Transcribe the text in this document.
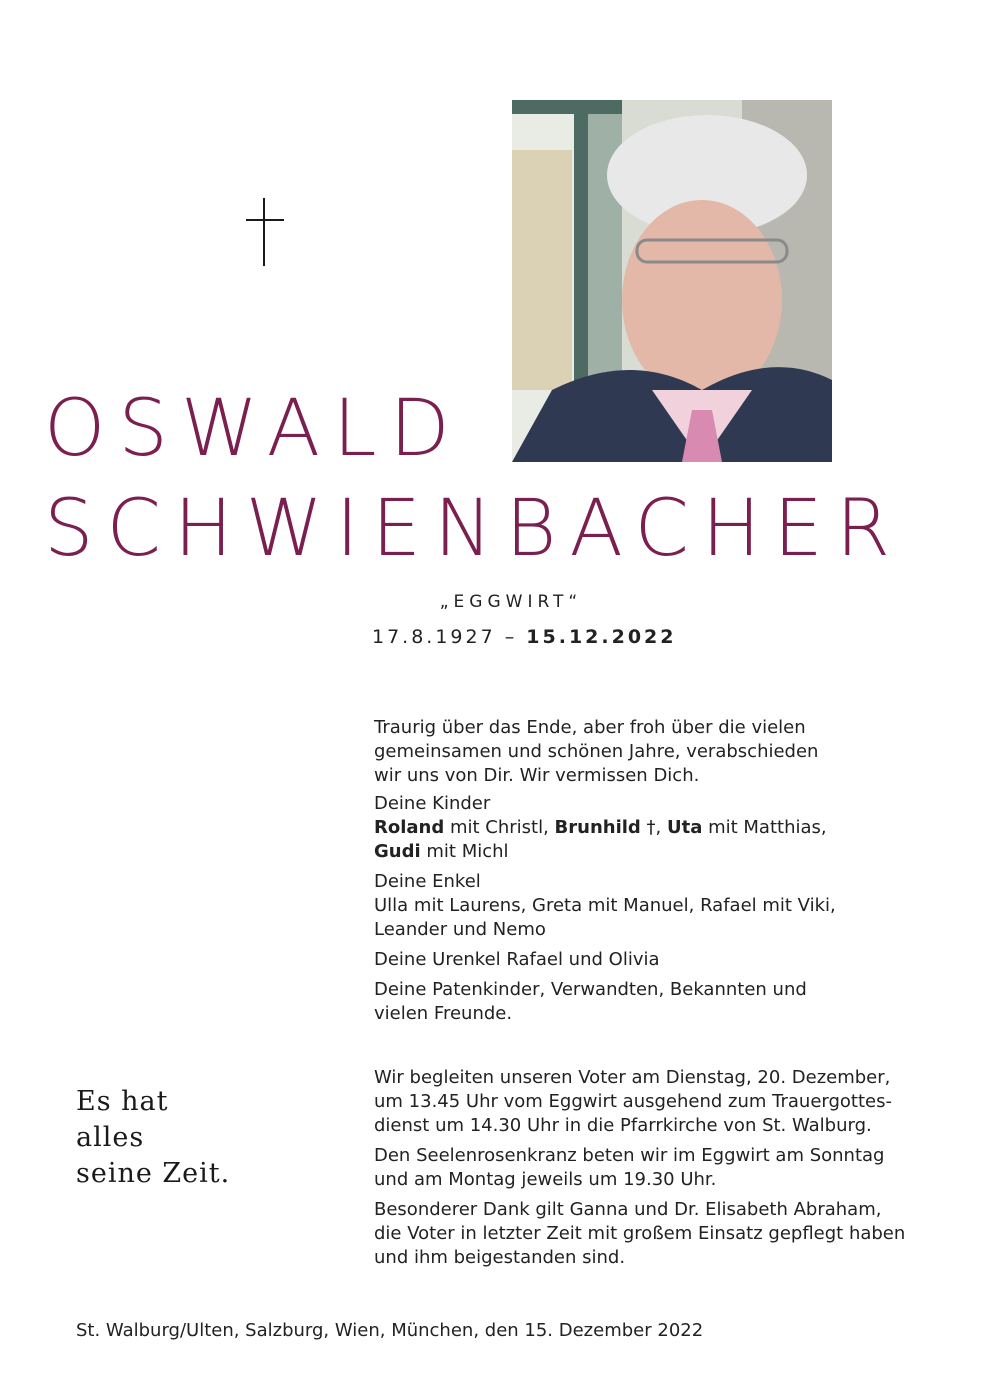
OSWALD
SCHWIENBACHER
„EGGWIRT“
17.8.1927 – 15.12.2022

Traurig über das Ende, aber froh über die vielen

gemeinsamen und schönen Jahre, verabschieden

wir uns von Dir. Wir vermissen Dich.

Deine Kinder

Roland mit Christl, Brunhild †, Uta mit Matthias,

Gudi mit Michl

Deine Enkel

Ulla mit Laurens, Greta mit Manuel, Rafael mit Viki,

Leander und Nemo

Deine Urenkel Rafael und Olivia

Deine Patenkinder, Verwandten, Bekannten und

vielen Freunde.

Wir begleiten unseren Voter am Dienstag, 20. Dezember,

um 13.45 Uhr vom Eggwirt ausgehend zum Trauergottes-

dienst um 14.30 Uhr in die Pfarrkirche von St. Walburg.

Den Seelenrosenkranz beten wir im Eggwirt am Sonntag

und am Montag jeweils um 19.30 Uhr.

Besonderer Dank gilt Ganna und Dr. Elisabeth Abraham,

die Voter in letzter Zeit mit großem Einsatz gepflegt haben

und ihm beigestanden sind.

Es hat
alles
seine Zeit.
St. Walburg/Ulten, Salzburg, Wien, München, den 15. Dezember 2022
